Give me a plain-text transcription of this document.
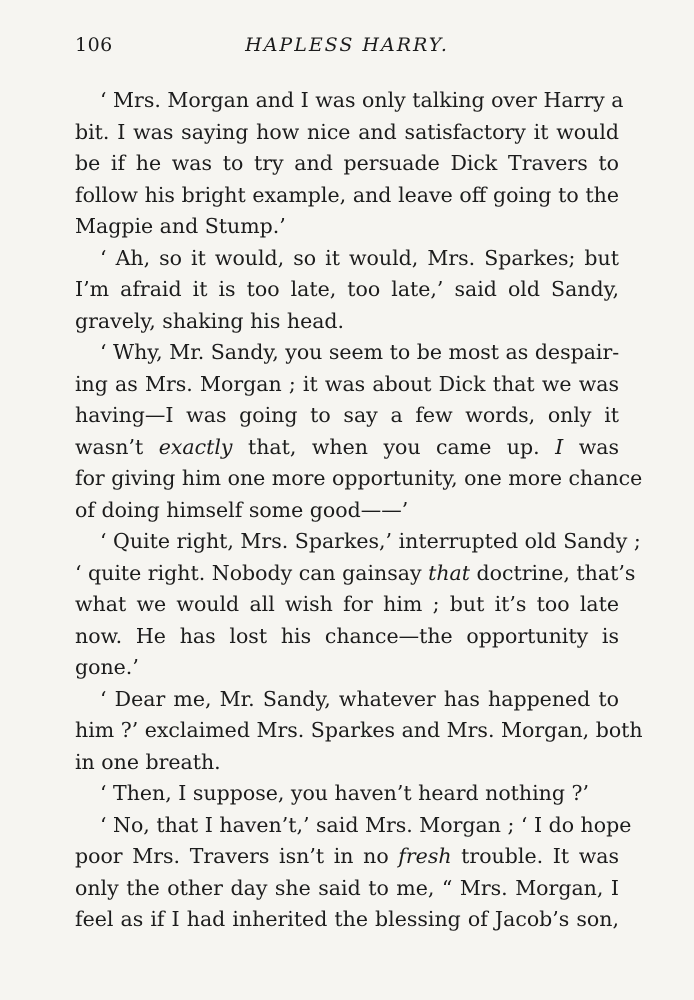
106	HAPLESS HARRY.
‘ Mrs. Morgan and I was only talking over Harry a
bit. I was saying how nice and satisfactory it would
be if he was to try and persuade Dick Travers to
follow his bright example, and leave off going to the
Magpie and Stump.’
‘ Ah, so it would, so it would, Mrs. Sparkes; but
I’m afraid it is too late, too late,’ said old Sandy,
gravely, shaking his head.
‘ Why, Mr. Sandy, you seem to be most as despair-
ing as Mrs. Morgan ; it was about Dick that we was
having—I was going to say a few words, only it
wasn’t exactly that, when you came up. I was
for giving him one more opportunity, one more chance
of doing himself some good——’
‘ Quite right, Mrs. Sparkes,’ interrupted old Sandy ;
‘ quite right. Nobody can gainsay that doctrine, that’s
what we would all wish for him ; but it’s too late
now. He has lost his chance—the opportunity is
gone.’
‘ Dear me, Mr. Sandy, whatever has happened to
him ?’ exclaimed Mrs. Sparkes and Mrs. Morgan, both
in one breath.
‘ Then, I suppose, you haven’t heard nothing ?’
‘ No, that I haven’t,’ said Mrs. Morgan ; ‘ I do hope
poor Mrs. Travers isn’t in no fresh trouble. It was
only the other day she said to me, “ Mrs. Morgan, I
feel as if I had inherited the blessing of Jacob’s son,
